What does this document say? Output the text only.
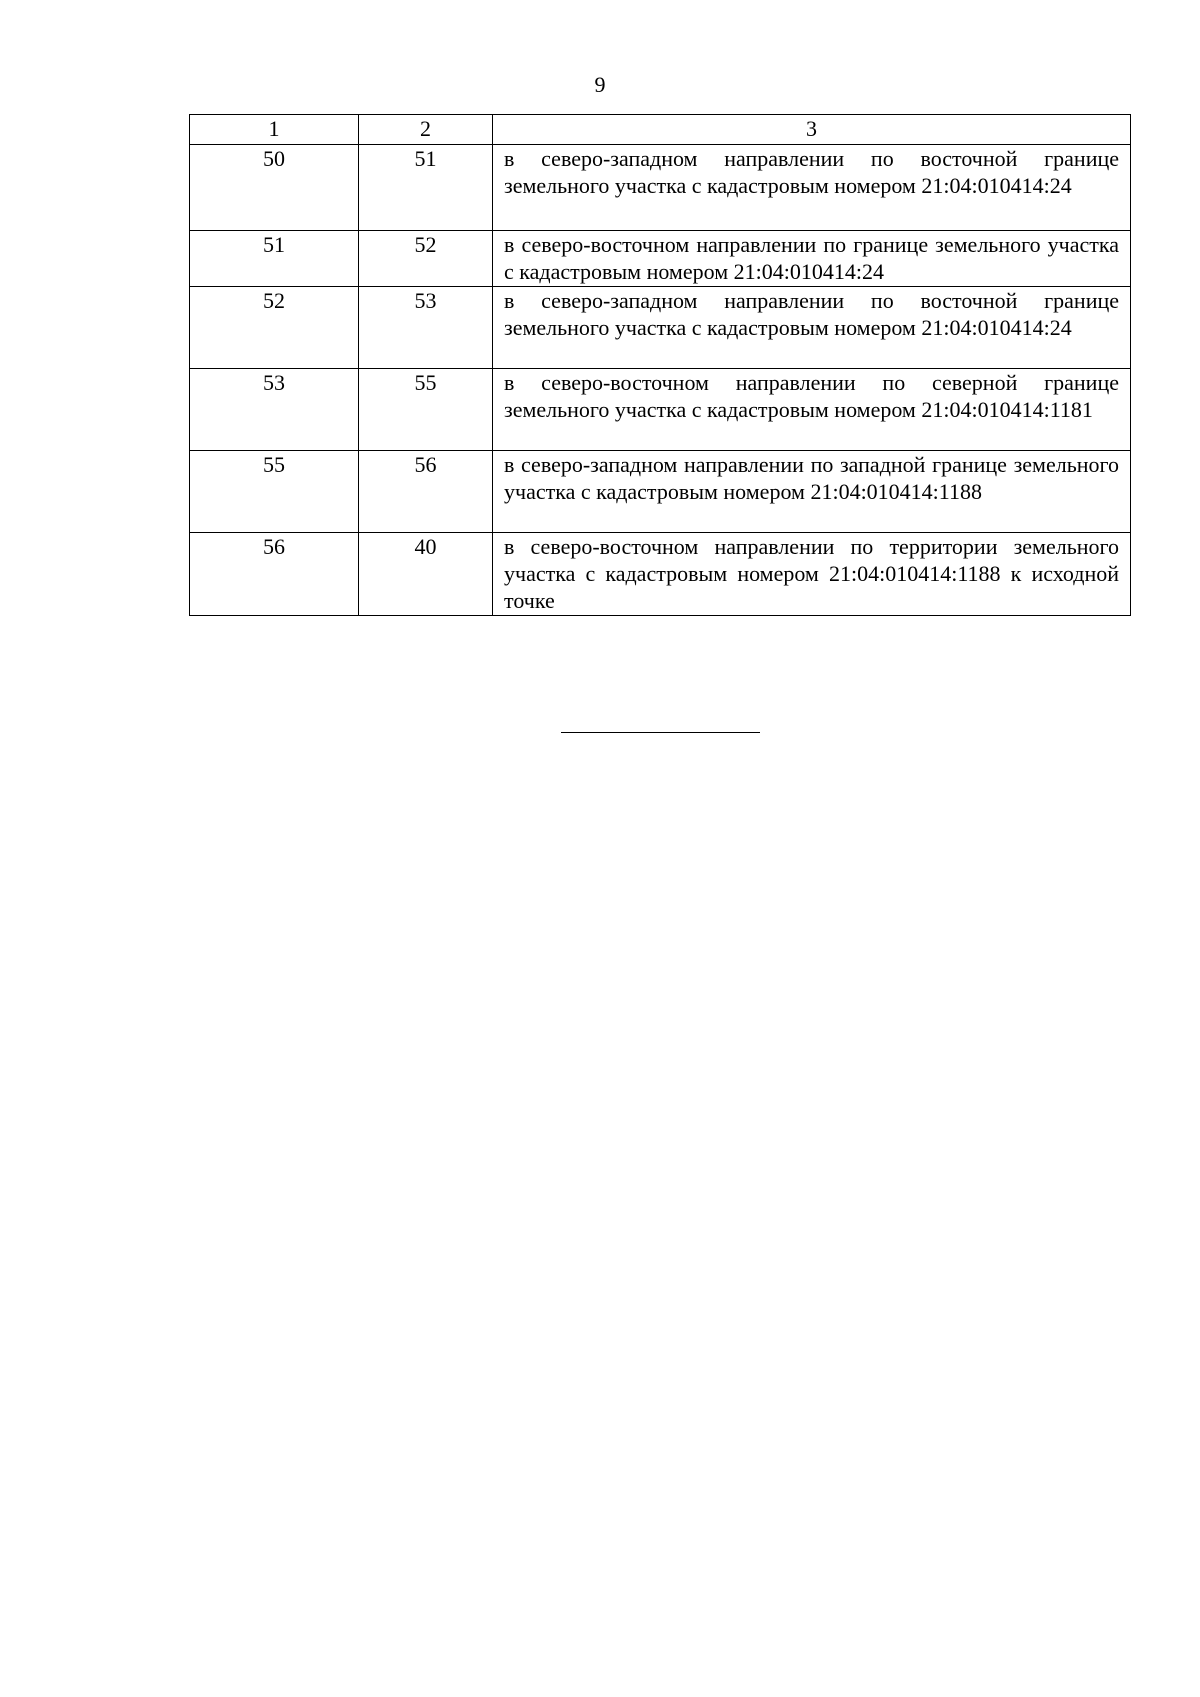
9
1	2	3
50	51	в северо-западном направлении по восточной границе земельного участка с кадастровым номером 21:04:010414:24

51	52	в северо-восточном направлении по границе земельного участка с кадастровым номером 21:04:010414:24

52	53	в северо-западном направлении по восточной границе земельного участка с кадастровым номером 21:04:010414:24

53	55	в северо-восточном направлении по северной границе земельного участка с кадастровым номером 21:04:010414:1181

55	56	в северо-западном направлении по западной границе земельного участка с кадастровым номером 21:04:010414:1188

56	40	в северо-восточном направлении по территории земельного участка с кадастровым номером 21:04:010414:1188 к исходной точке
